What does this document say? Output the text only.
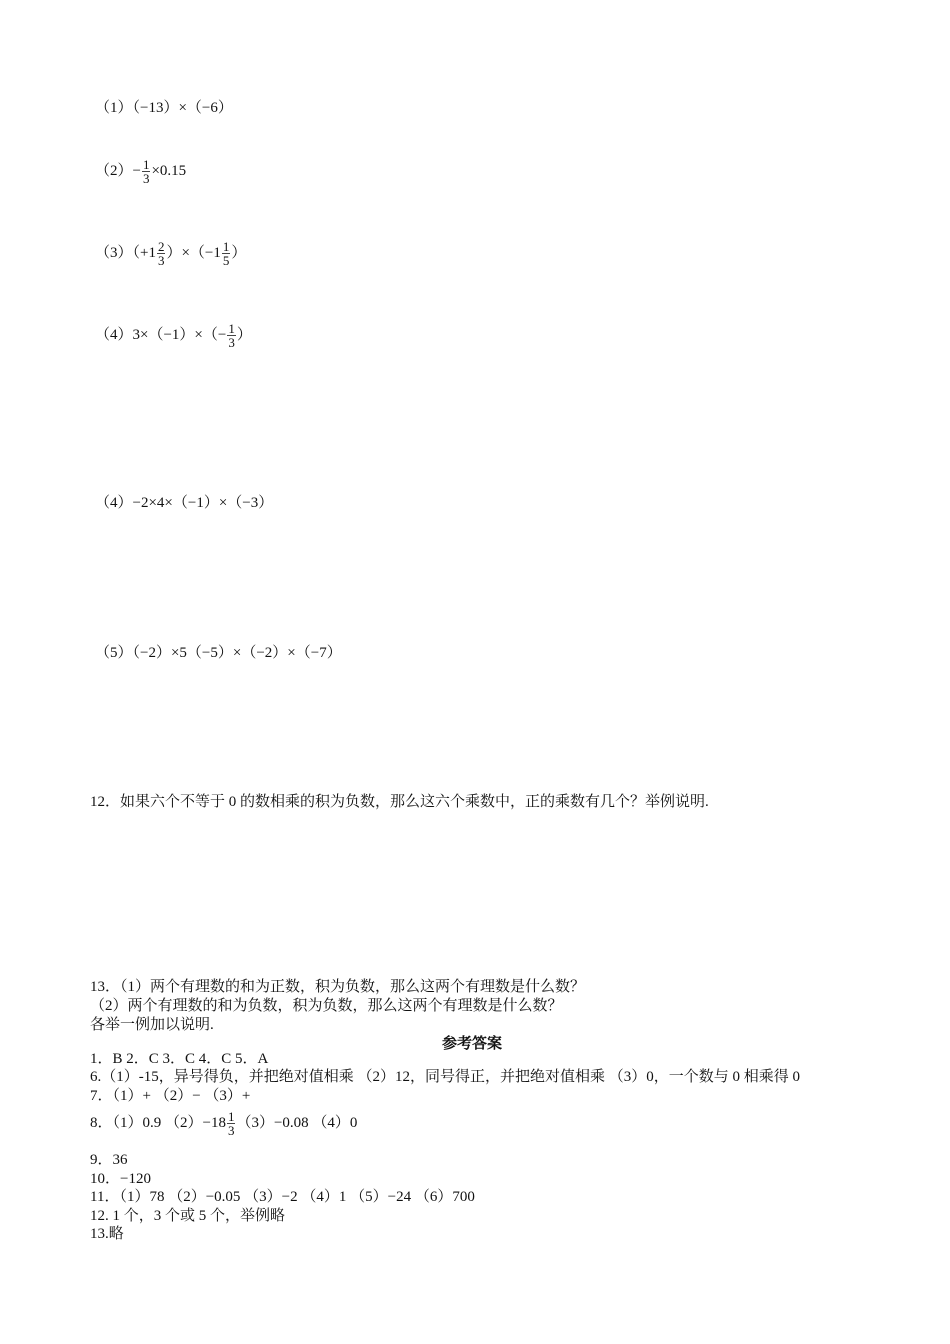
（1）（−13）×（−6）
$(2)- \frac{1}{3} \times 0.15$
$(3)(+1 \frac{2}{3} )\times(-1 \frac{1}{5}$ ）
$(4)3\times(-1)\times(- \frac{1}{3}$ ）
（4）−2×4×（−1）×（−3）
（5）（−2）×5（−5）×（−2）×（−7）
12．如果六个不等于 0 的数相乘的积为负数，那么这六个乘数中，正的乘数有几个？举例说明.
13．（1）两个有理数的和为正数，积为负数，那么这两个有理数是什么数？
（2）两个有理数的和为负数，积为负数，那么这两个有理数是什么数？
各举一例加以说明.
参考答案
1．B 2．C 3．C 4．C 5．A
6.（1）-15，异号得负，并把绝对值相乘 （2）12，同号得正，并把绝对值相乘 （3）0，一个数与 0 相乘得 0
7．（1）+ （2）− （3）+
8．（1）0.9 $(2)-18 \frac{1}{3} (3)-0.08$ （4）0
9．36
10．−120
11．（1）78 （2）−0.05 （3）−2 （4）1 （5）−24 （6）700
12. 1 个，3 个或 5 个，举例略
13.略
